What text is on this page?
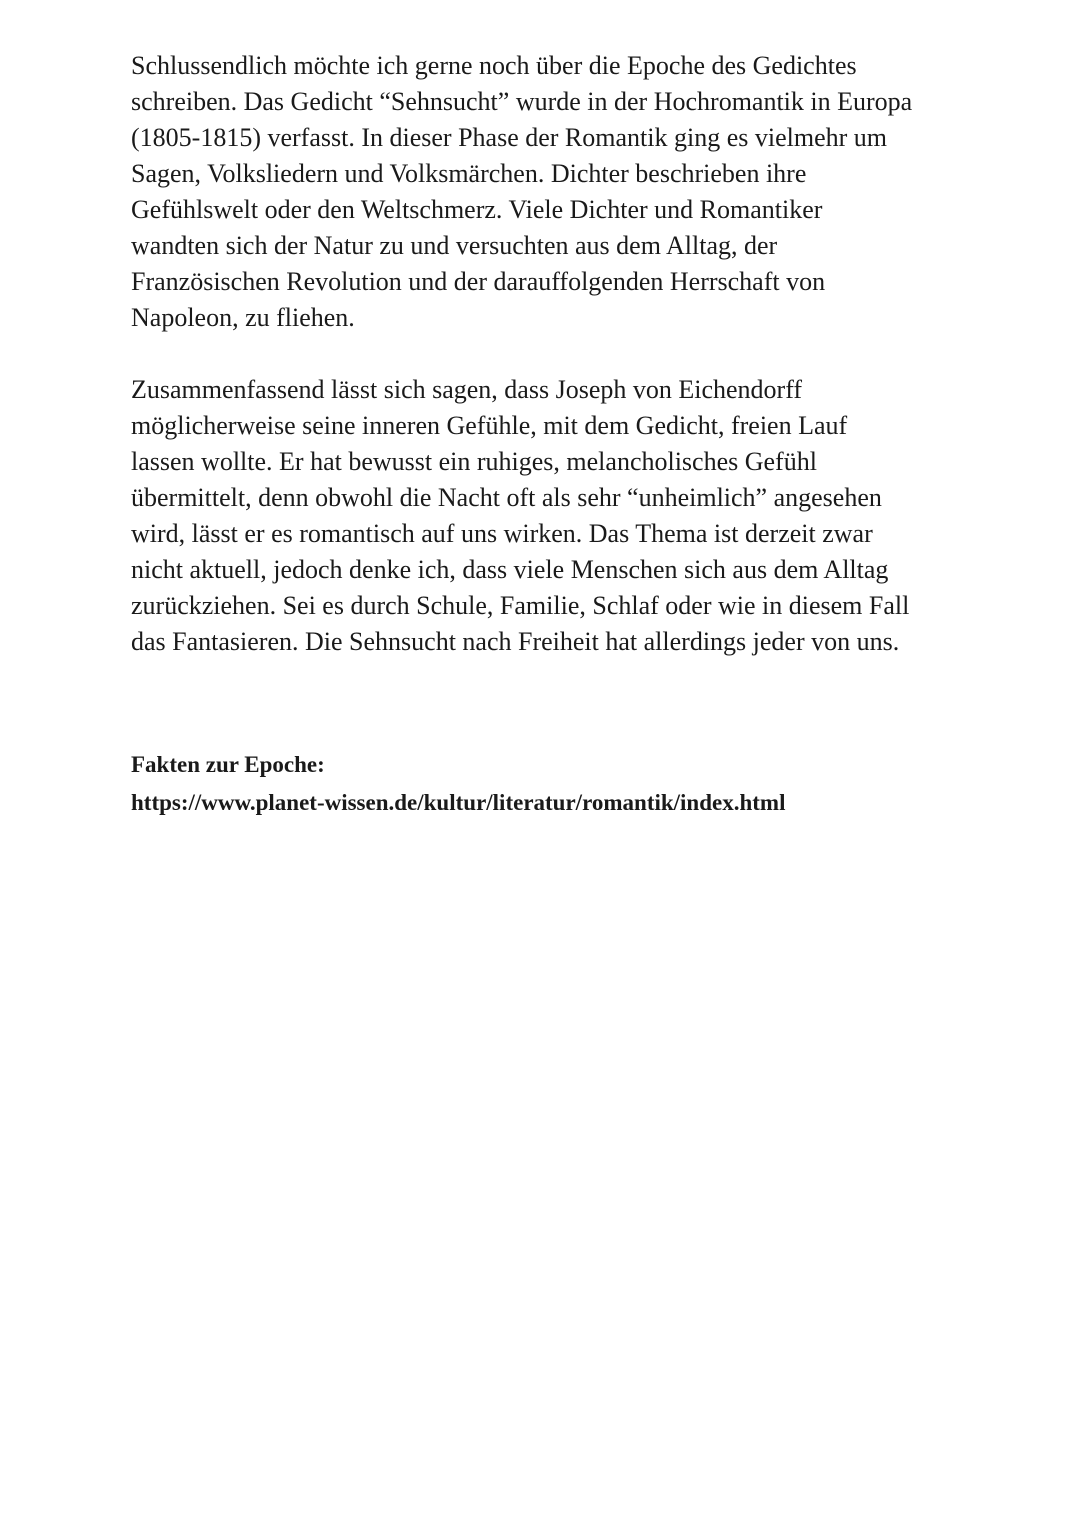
Schlussendlich möchte ich gerne noch über die Epoche des Gedichtes
schreiben. Das Gedicht “Sehnsucht” wurde in der Hochromantik in Europa
(1805-1815) verfasst. In dieser Phase der Romantik ging es vielmehr um
Sagen, Volksliedern und Volksmärchen. Dichter beschrieben ihre
Gefühlswelt oder den Weltschmerz. Viele Dichter und Romantiker
wandten sich der Natur zu und versuchten aus dem Alltag, der
Französischen Revolution und der darauffolgenden Herrschaft von
Napoleon, zu fliehen.

Zusammenfassend lässt sich sagen, dass Joseph von Eichendorff
möglicherweise seine inneren Gefühle, mit dem Gedicht, freien Lauf
lassen wollte. Er hat bewusst ein ruhiges, melancholisches Gefühl
übermittelt, denn obwohl die Nacht oft als sehr “unheimlich” angesehen
wird, lässt er es romantisch auf uns wirken. Das Thema ist derzeit zwar
nicht aktuell, jedoch denke ich, dass viele Menschen sich aus dem Alltag
zurückziehen. Sei es durch Schule, Familie, Schlaf oder wie in diesem Fall
das Fantasieren. Die Sehnsucht nach Freiheit hat allerdings jeder von uns.

Fakten zur Epoche:
https://www.planet-wissen.de/kultur/literatur/romantik/index.html
